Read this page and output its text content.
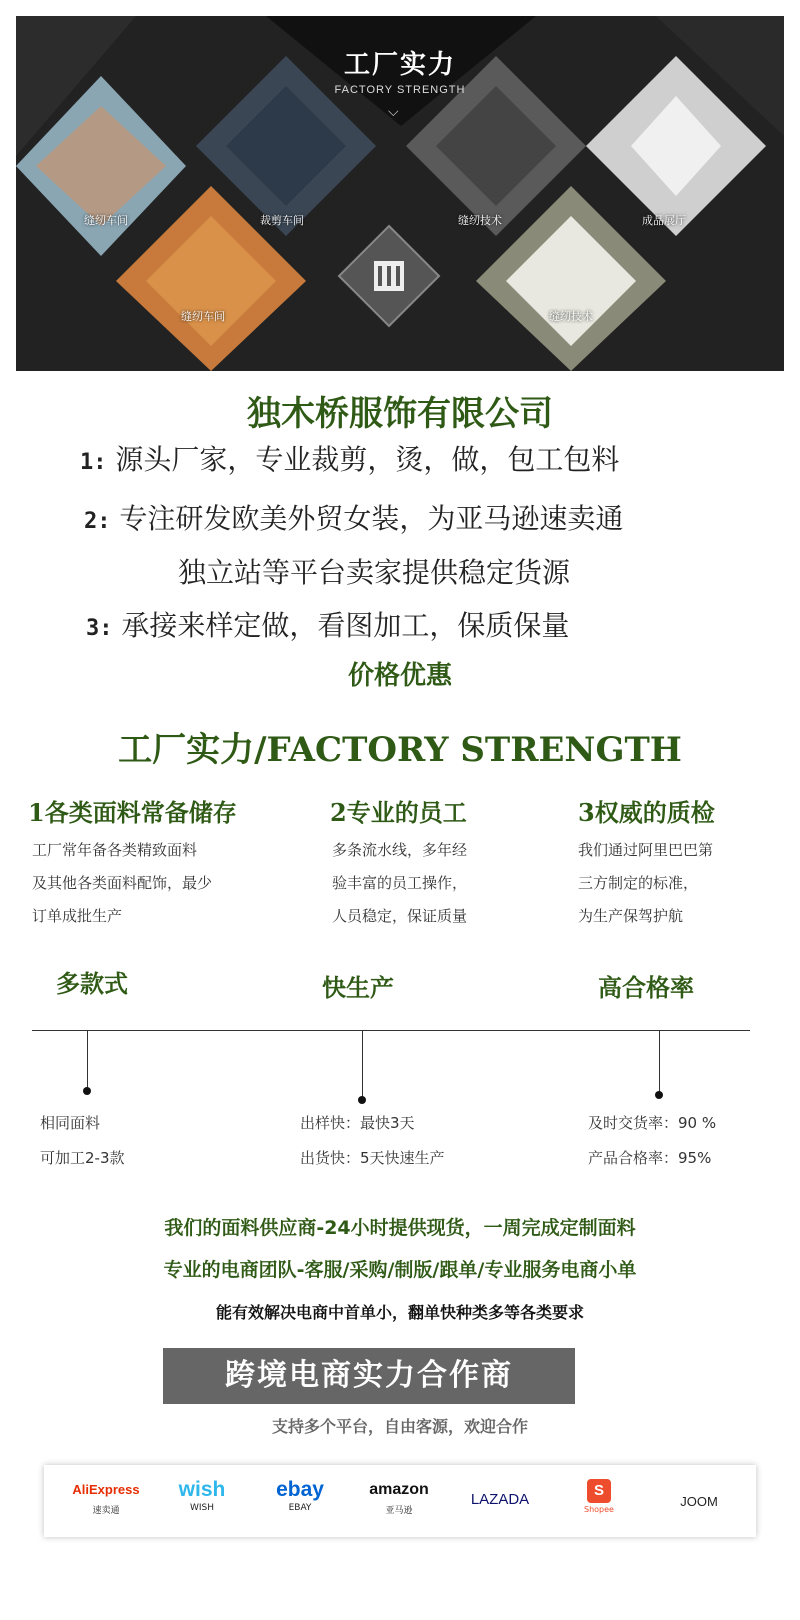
工厂实力
FACTORY STRENGTH
⌵
缝纫车间	裁剪车间	缝纫技术	成品展厅
缝纫车间	缝纫技术
独木桥服饰有限公司
1: 源头厂家，专业裁剪，烫，做，包工包料
2: 专注研发欧美外贸女装，为亚马逊速卖通
独立站等平台卖家提供稳定货源
3: 承接来样定做，看图加工，保质保量
价格优惠
工厂实力/FACTORY STRENGTH
1各类面料常备储存
工厂常年备各类精致面料
及其他各类面料配饰，最少
订单成批生产
2专业的员工
多条流水线，多年经
验丰富的员工操作，
人员稳定，保证质量
3权威的质检
我们通过阿里巴巴第
三方制定的标准，
为生产保驾护航
多款式	快生产	高合格率
相同面料
可加工2-3款
出样快：最快3天
出货快：5天快速生产
及时交货率：90 %
产品合格率：95%
我们的面料供应商-24小时提供现货，一周完成定制面料
专业的电商团队-客服/采购/制版/跟单/专业服务电商小单
能有效解决电商中首单小，翻单快种类多等各类要求
跨境电商实力合作商
支持多个平台，自由客源，欢迎合作
AliExpress
速卖通
wish
WISH
ebay
EBAY
amazon
亚马逊
LAZADA
S
Shopee
JOOM
